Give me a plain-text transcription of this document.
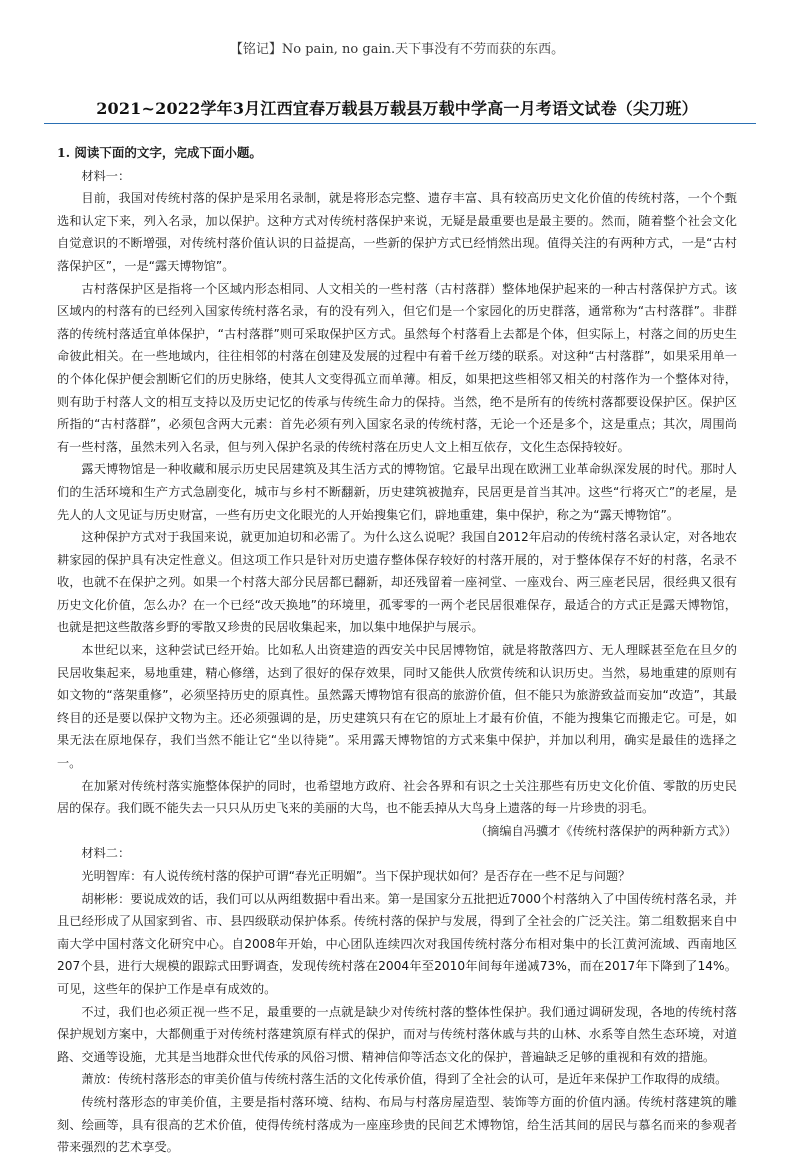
【铭记】No pain, no gain.天下事没有不劳而获的东西。
2021~2022学年3月江西宜春万载县万载县万载中学高一月考语文试卷（尖刀班）

1. 阅读下面的文字，完成下面小题。

材料一：

目前，我国对传统村落的保护是采用名录制，就是将形态完整、遗存丰富、具有较高历史文化价值的传统村落，一个个甄选和认定下来，列入名录，加以保护。这种方式对传统村落保护来说，无疑是最重要也是最主要的。然而，随着整个社会文化自觉意识的不断增强，对传统村落价值认识的日益提高，一些新的保护方式已经悄然出现。值得关注的有两种方式，一是“古村落保护区”，一是“露天博物馆”。

古村落保护区是指将一个区域内形态相同、人文相关的一些村落（古村落群）整体地保护起来的一种古村落保护方式。该区域内的村落有的已经列入国家传统村落名录，有的没有列入，但它们是一个家园化的历史群落，通常称为“古村落群”。非群落的传统村落适宜单体保护，“古村落群”则可采取保护区方式。虽然每个村落看上去都是个体，但实际上，村落之间的历史生命彼此相关。在一些地域内，往往相邻的村落在创建及发展的过程中有着千丝万缕的联系。对这种“古村落群”，如果采用单一的个体化保护便会割断它们的历史脉络，使其人文变得孤立而单薄。相反，如果把这些相邻又相关的村落作为一个整体对待，则有助于村落人文的相互支持以及历史记忆的传承与传统生命力的保持。当然，绝不是所有的传统村落都要设保护区。保护区所指的“古村落群”，必须包含两大元素：首先必须有列入国家名录的传统村落，无论一个还是多个，这是重点；其次，周围尚有一些村落，虽然未列入名录，但与列入保护名录的传统村落在历史人文上相互依存，文化生态保持较好。

露天博物馆是一种收藏和展示历史民居建筑及其生活方式的博物馆。它最早出现在欧洲工业革命纵深发展的时代。那时人们的生活环境和生产方式急剧变化，城市与乡村不断翻新，历史建筑被抛弃，民居更是首当其冲。这些“行将灭亡”的老屋，是先人的人文见证与历史财富，一些有历史文化眼光的人开始搜集它们，辟地重建，集中保护，称之为“露天博物馆”。

这种保护方式对于我国来说，就更加迫切和必需了。为什么这么说呢？我国自2012年启动的传统村落名录认定，对各地农耕家园的保护具有决定性意义。但这项工作只是针对历史遗存整体保存较好的村落开展的，对于整体保存不好的村落，名录不收，也就不在保护之列。如果一个村落大部分民居都已翻新，却还残留着一座祠堂、一座戏台、两三座老民居，很经典又很有历史文化价值，怎么办？在一个已经“改天换地”的环境里，孤零零的一两个老民居很难保存，最适合的方式正是露天博物馆，也就是把这些散落乡野的零散又珍贵的民居收集起来，加以集中地保护与展示。

本世纪以来，这种尝试已经开始。比如私人出资建造的西安关中民居博物馆，就是将散落四方、无人理睬甚至危在旦夕的民居收集起来，易地重建，精心修缮，达到了很好的保存效果，同时又能供人欣赏传统和认识历史。当然，易地重建的原则有如文物的“落架重修”，必须坚持历史的原真性。虽然露天博物馆有很高的旅游价值，但不能只为旅游致益而妄加“改造”，其最终目的还是要以保护文物为主。还必须强调的是，历史建筑只有在它的原址上才最有价值，不能为搜集它而搬走它。可是，如果无法在原地保存，我们当然不能让它“坐以待毙”。采用露天博物馆的方式来集中保护，并加以利用，确实是最佳的选择之一。

在加紧对传统村落实施整体保护的同时，也希望地方政府、社会各界和有识之士关注那些有历史文化价值、零散的历史民居的保存。我们既不能失去一只只从历史飞来的美丽的大鸟，也不能丢掉从大鸟身上遗落的每一片珍贵的羽毛。

（摘编自冯骥才《传统村落保护的两种新方式》）

材料二：

光明智库：有人说传统村落的保护可谓“春光正明媚”。当下保护现状如何？是否存在一些不足与问题？

胡彬彬：要说成效的话，我们可以从两组数据中看出来。第一是国家分五批把近7000个村落纳入了中国传统村落名录，并且已经形成了从国家到省、市、县四级联动保护体系。传统村落的保护与发展，得到了全社会的广泛关注。第二组数据来自中南大学中国村落文化研究中心。自2008年开始，中心团队连续四次对我国传统村落分布相对集中的长江黄河流域、西南地区207个县，进行大规模的跟踪式田野调查，发现传统村落在2004年至2010年间每年递减73%，而在2017年下降到了14%。可见，这些年的保护工作是卓有成效的。

不过，我们也必须正视一些不足，最重要的一点就是缺少对传统村落的整体性保护。我们通过调研发现，各地的传统村落保护规划方案中，大都侧重于对传统村落建筑原有样式的保护，而对与传统村落休戚与共的山林、水系等自然生态环境，对道路、交通等设施，尤其是当地群众世代传承的风俗习惯、精神信仰等活态文化的保护，普遍缺乏足够的重视和有效的措施。

萧放：传统村落形态的审美价值与传统村落生活的文化传承价值，得到了全社会的认可，是近年来保护工作取得的成绩。

传统村落形态的审美价值，主要是指村落环境、结构、布局与村落房屋造型、装饰等方面的价值内涵。传统村落建筑的雕刻、绘画等，具有很高的艺术价值，使得传统村落成为一座座珍贵的民间艺术博物馆，给生活其间的居民与慕名而来的参观者带来强烈的艺术享受。
